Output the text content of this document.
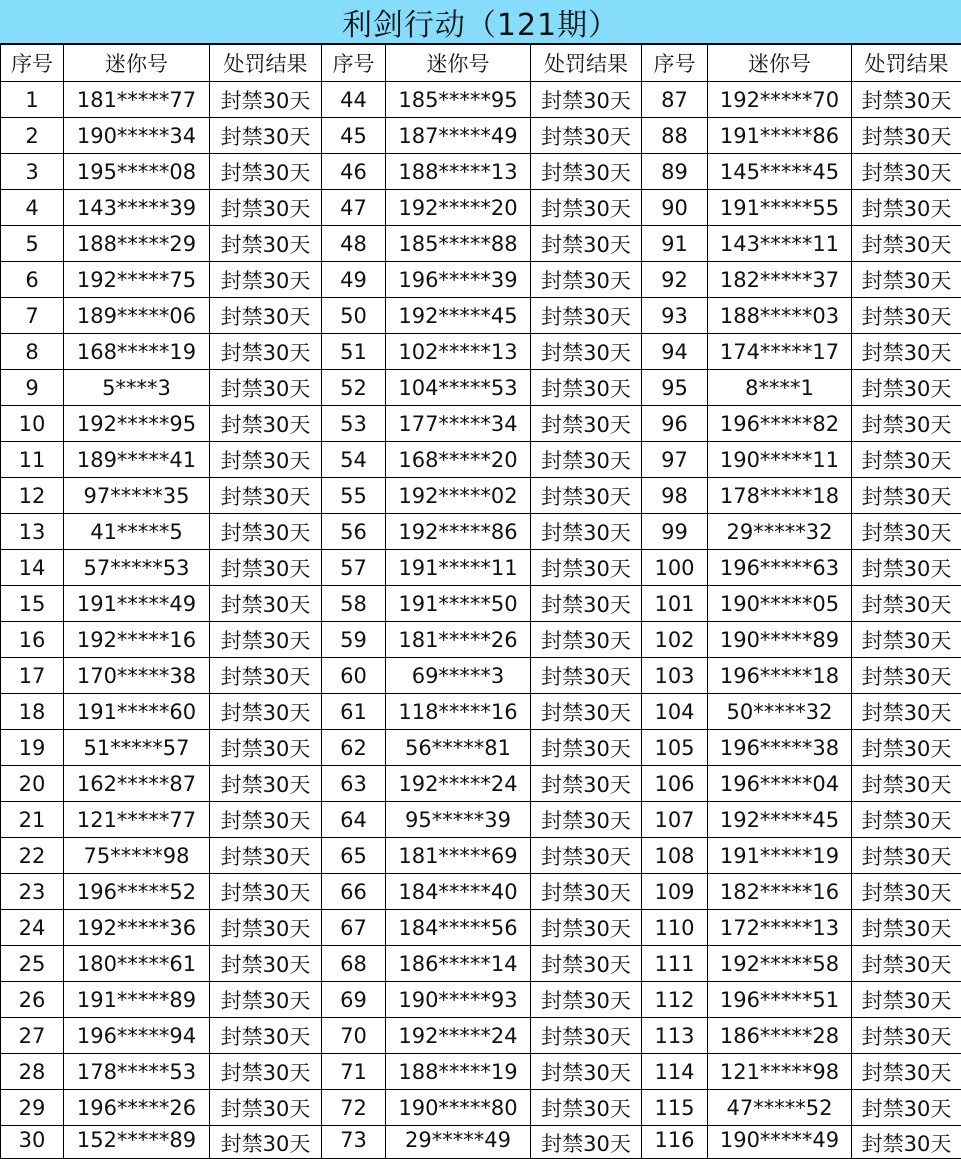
利剑行动（121期）
序号	迷你号	处罚结果	序号	迷你号	处罚结果	序号	迷你号	处罚结果
1	181*****77	封禁30天	44	185*****95	封禁30天	87	192*****70	封禁30天
2	190*****34	封禁30天	45	187*****49	封禁30天	88	191*****86	封禁30天
3	195*****08	封禁30天	46	188*****13	封禁30天	89	145*****45	封禁30天
4	143*****39	封禁30天	47	192*****20	封禁30天	90	191*****55	封禁30天
5	188*****29	封禁30天	48	185*****88	封禁30天	91	143*****11	封禁30天
6	192*****75	封禁30天	49	196*****39	封禁30天	92	182*****37	封禁30天
7	189*****06	封禁30天	50	192*****45	封禁30天	93	188*****03	封禁30天
8	168*****19	封禁30天	51	102*****13	封禁30天	94	174*****17	封禁30天
9	5****3	封禁30天	52	104*****53	封禁30天	95	8****1	封禁30天
10	192*****95	封禁30天	53	177*****34	封禁30天	96	196*****82	封禁30天
11	189*****41	封禁30天	54	168*****20	封禁30天	97	190*****11	封禁30天
12	97*****35	封禁30天	55	192*****02	封禁30天	98	178*****18	封禁30天
13	41*****5	封禁30天	56	192*****86	封禁30天	99	29*****32	封禁30天
14	57*****53	封禁30天	57	191*****11	封禁30天	100	196*****63	封禁30天
15	191*****49	封禁30天	58	191*****50	封禁30天	101	190*****05	封禁30天
16	192*****16	封禁30天	59	181*****26	封禁30天	102	190*****89	封禁30天
17	170*****38	封禁30天	60	69*****3	封禁30天	103	196*****18	封禁30天
18	191*****60	封禁30天	61	118*****16	封禁30天	104	50*****32	封禁30天
19	51*****57	封禁30天	62	56*****81	封禁30天	105	196*****38	封禁30天
20	162*****87	封禁30天	63	192*****24	封禁30天	106	196*****04	封禁30天
21	121*****77	封禁30天	64	95*****39	封禁30天	107	192*****45	封禁30天
22	75*****98	封禁30天	65	181*****69	封禁30天	108	191*****19	封禁30天
23	196*****52	封禁30天	66	184*****40	封禁30天	109	182*****16	封禁30天
24	192*****36	封禁30天	67	184*****56	封禁30天	110	172*****13	封禁30天
25	180*****61	封禁30天	68	186*****14	封禁30天	111	192*****58	封禁30天
26	191*****89	封禁30天	69	190*****93	封禁30天	112	196*****51	封禁30天
27	196*****94	封禁30天	70	192*****24	封禁30天	113	186*****28	封禁30天
28	178*****53	封禁30天	71	188*****19	封禁30天	114	121*****98	封禁30天
29	196*****26	封禁30天	72	190*****80	封禁30天	115	47*****52	封禁30天
30	152*****89	封禁30天	73	29*****49	封禁30天	116	190*****49	封禁30天
